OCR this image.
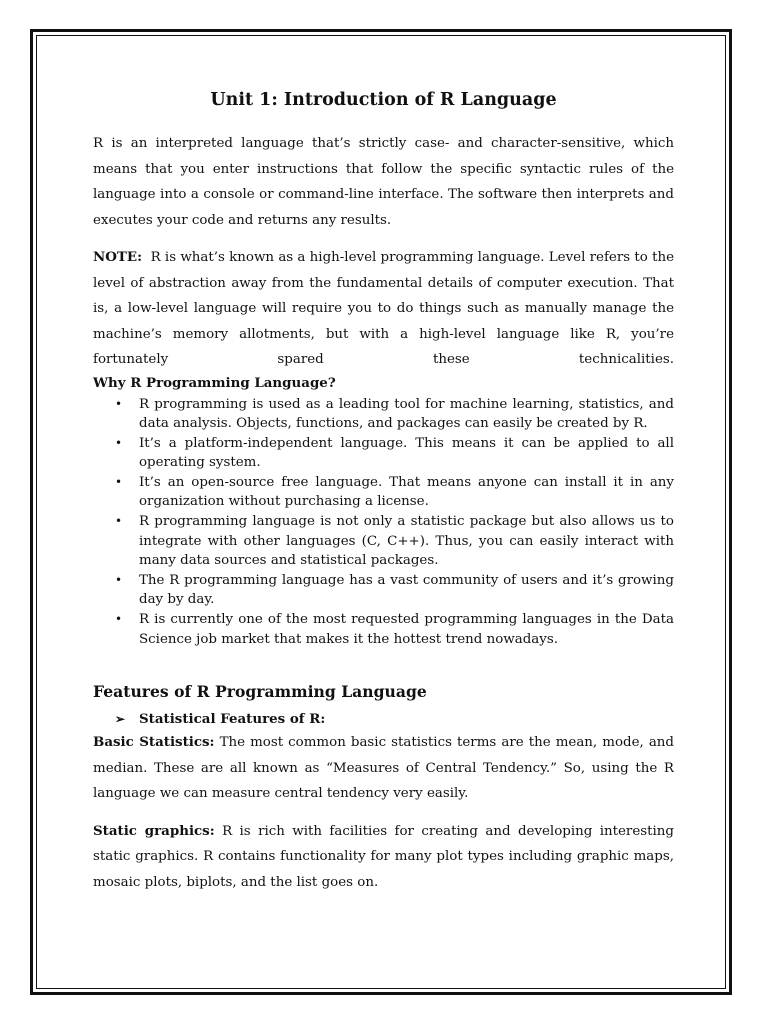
Unit 1: Introduction of R Language

R is an interpreted language that’s strictly case- and character-sensitive, which means that you enter instructions that follow the specific syntactic rules of the language into a console or command-line interface. The software then interprets and executes your code and returns any results.

NOTE: R is what’s known as a high-level programming language. Level refers to the level of abstraction away from the fundamental details of computer execution. That is, a low-level language will require you to do things such as manually manage the machine’s memory allotments, but with a high-level language like R, you’re fortunately spared these technicalities.

Why R Programming Language?
• R programming is used as a leading tool for machine learning, statistics, and data analysis. Objects, functions, and packages can easily be created by R.
• It’s a platform-independent language. This means it can be applied to all operating system.
• It’s an open-source free language. That means anyone can install it in any organization without purchasing a license.
• R programming language is not only a statistic package but also allows us to integrate with other languages (C, C++). Thus, you can easily interact with many data sources and statistical packages.
• The R programming language has a vast community of users and it’s growing day by day.
• R is currently one of the most requested programming languages in the Data Science job market that makes it the hottest trend nowadays.
Features of R Programming Language
➢ Statistical Features of R:

Basic Statistics: The most common basic statistics terms are the mean, mode, and median. These are all known as “Measures of Central Tendency.” So, using the R language we can measure central tendency very easily.

Static graphics: R is rich with facilities for creating and developing interesting static graphics. R contains functionality for many plot types including graphic maps, mosaic plots, biplots, and the list goes on.
